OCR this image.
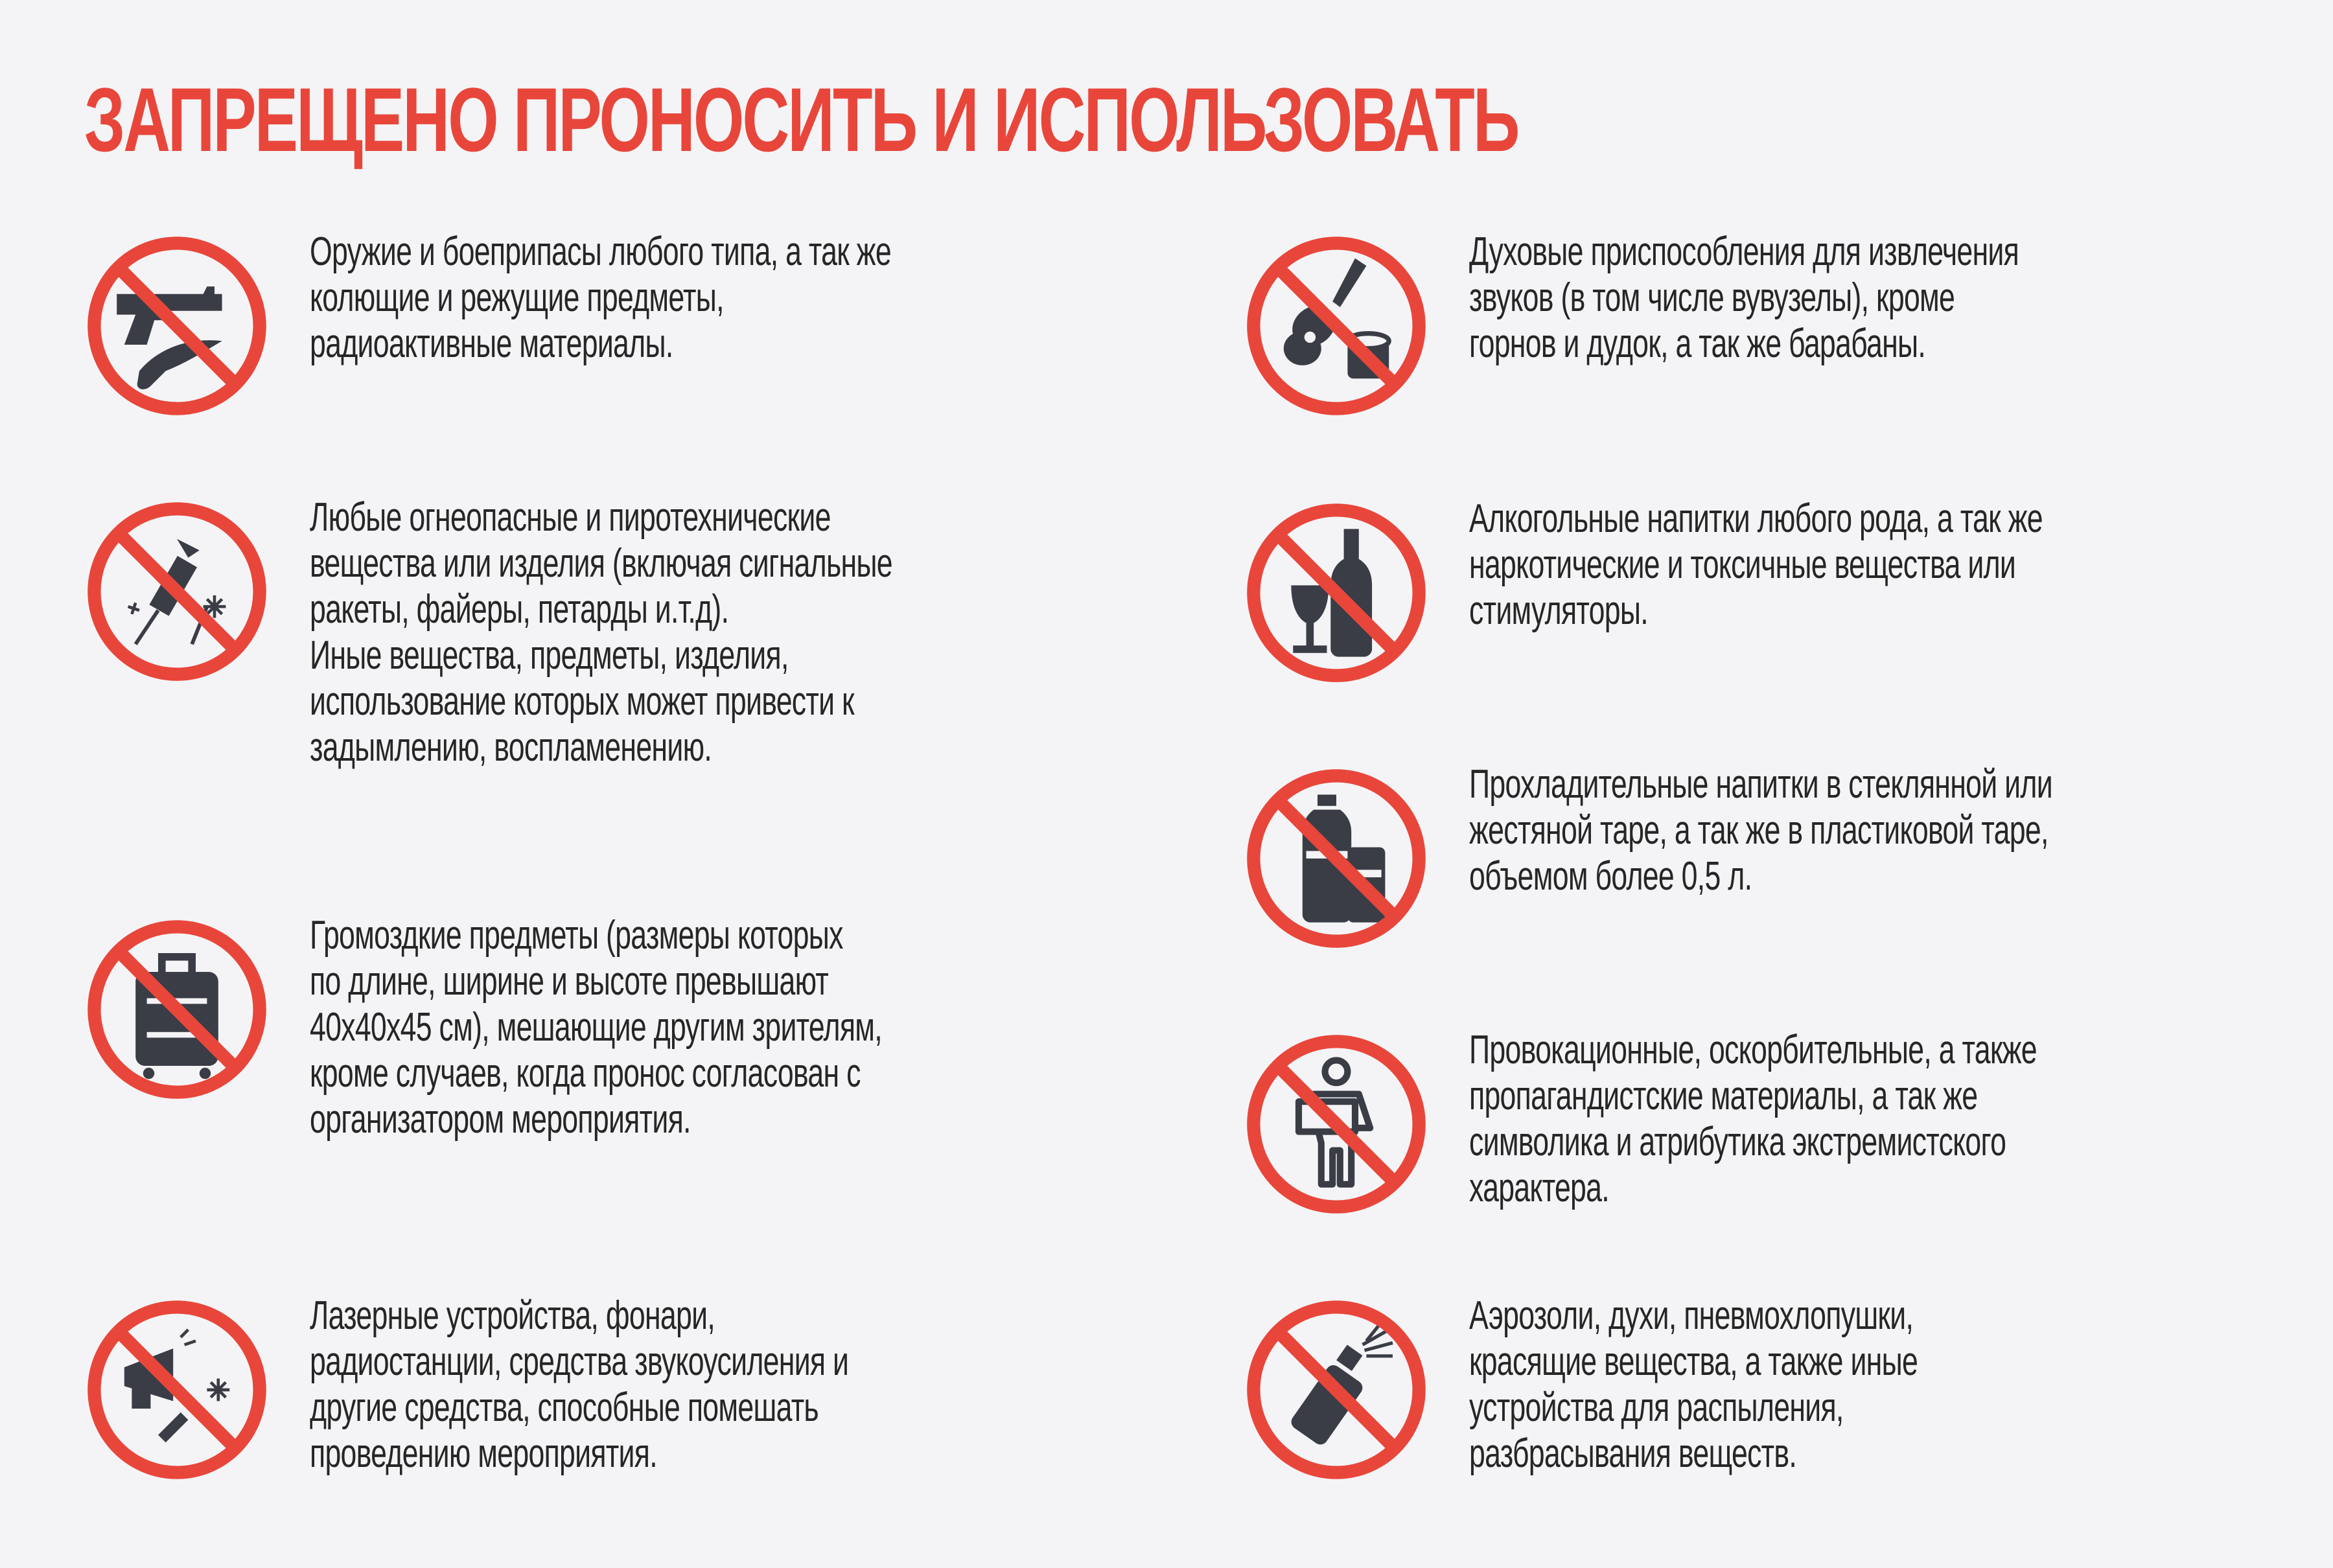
ЗАПРЕЩЕНО ПРОНОСИТЬ И ИСПОЛЬЗОВАТЬ
Оружие и боеприпасы любого типа, а так же
колющие и режущие предметы,
радиоактивные материалы.
Любые огнеопасные и пиротехнические
вещества или изделия (включая сигнальные
ракеты, файеры, петарды и.т.д).
Иные вещества, предметы, изделия,
использование которых может привести к
задымлению, воспламенению.
Громоздкие предметы (размеры которых
по длине, ширине и высоте превышают
40х40х45 см), мешающие другим зрителям,
кроме случаев, когда пронос согласован с
организатором мероприятия.
Лазерные устройства, фонари,
радиостанции, средства звукоусиления и
другие средства, способные помешать
проведению мероприятия.
Духовые приспособления для извлечения
звуков (в том числе вувузелы), кроме
горнов и дудок, а так же барабаны.
Алкогольные напитки любого рода, а так же
наркотические и токсичные вещества или
стимуляторы.
Прохладительные напитки в стеклянной или
жестяной таре, а так же в пластиковой таре,
объемом более 0,5 л.
Провокационные, оскорбительные, а также
пропагандистские материалы, а так же
символика и атрибутика экстремистского
характера.
Аэрозоли, духи, пневмохлопушки,
красящие вещества, а также иные
устройства для распыления,
разбрасывания веществ.
